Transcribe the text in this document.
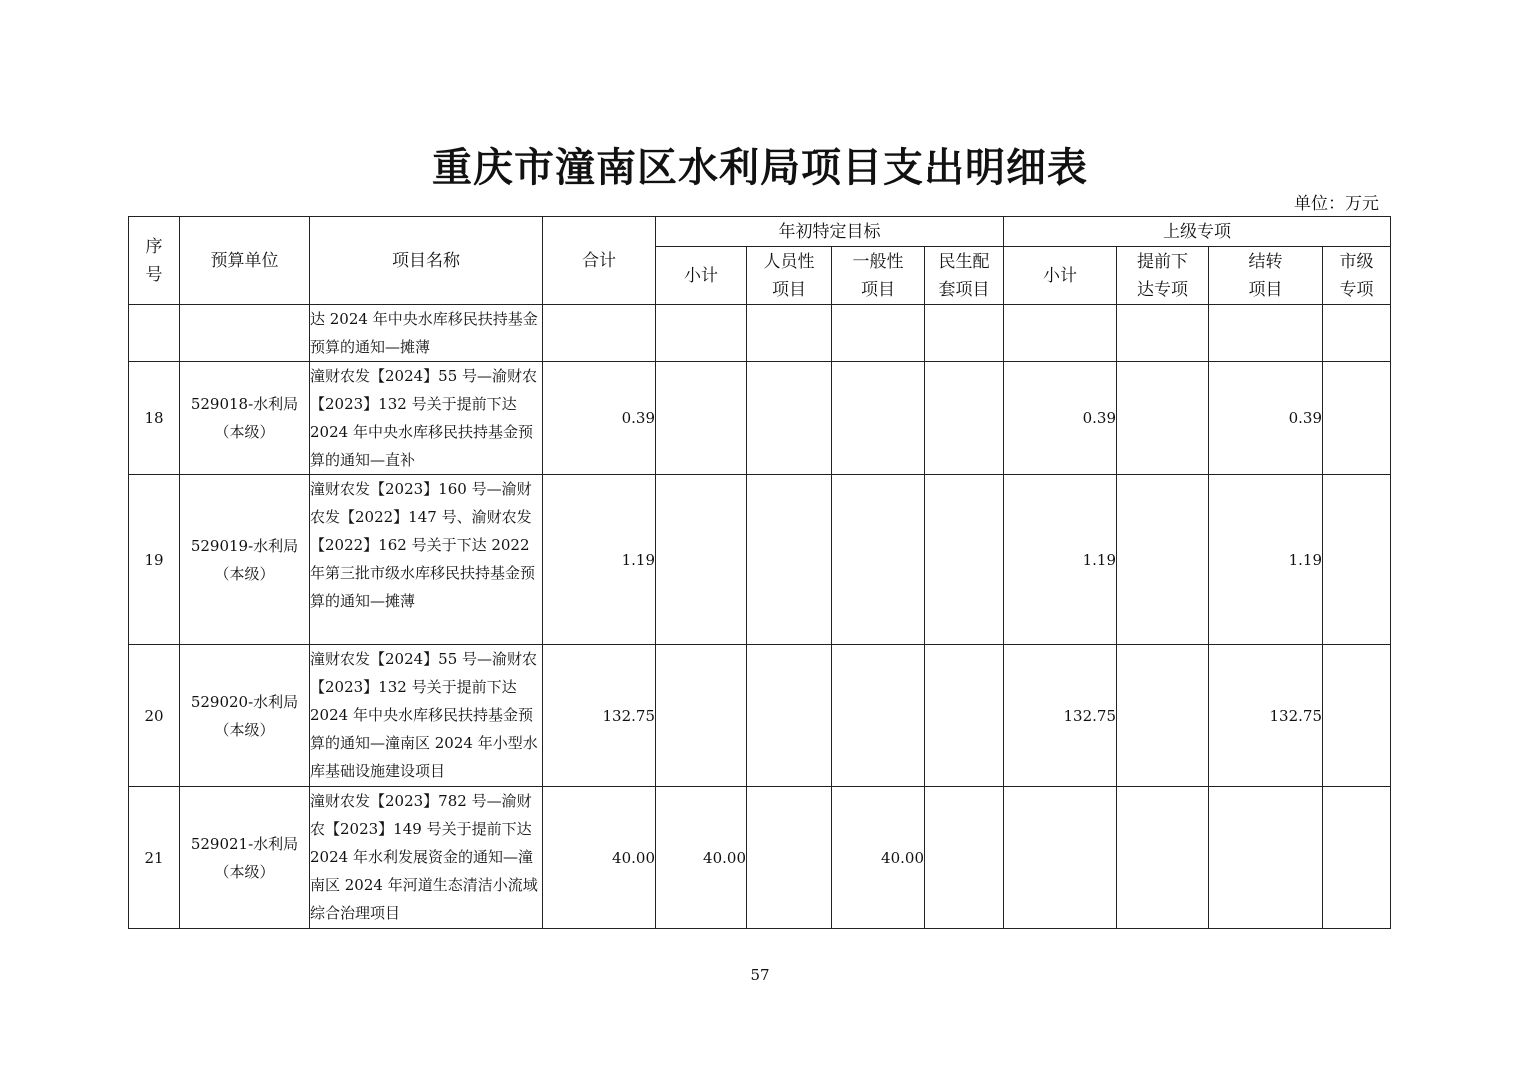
重庆市潼南区水利局项目支出明细表
单位：万元
序号	预算单位	项目名称	合计	年初特定目标				上级专项			
				小计	人员性项目	一般性项目	民生配套项目	小计	提前下达专项	结转项目	市级专项

		达 2024 年中央水库移民扶持基金预算的通知—摊薄									
18	529018-水利局（本级）	潼财农发【2024】55 号—渝财农【2023】132 号关于提前下达 2024 年中央水库移民扶持基金预算的通知—直补	0.39					0.39		0.39	
19	529019-水利局（本级）	潼财农发【2023】160 号—渝财农发【2022】147 号、渝财农发【2022】162 号关于下达 2022 年第三批市级水库移民扶持基金预算的通知—摊薄	1.19					1.19		1.19	
20	529020-水利局（本级）	潼财农发【2024】55 号—渝财农【2023】132 号关于提前下达 2024 年中央水库移民扶持基金预算的通知—潼南区 2024 年小型水库基础设施建设项目	132.75					132.75		132.75	
21	529021-水利局（本级）	潼财农发【2023】782 号—渝财农【2023】149 号关于提前下达 2024 年水利发展资金的通知—潼南区 2024 年河道生态清洁小流域综合治理项目	40.00	40.00		40.00					
57
